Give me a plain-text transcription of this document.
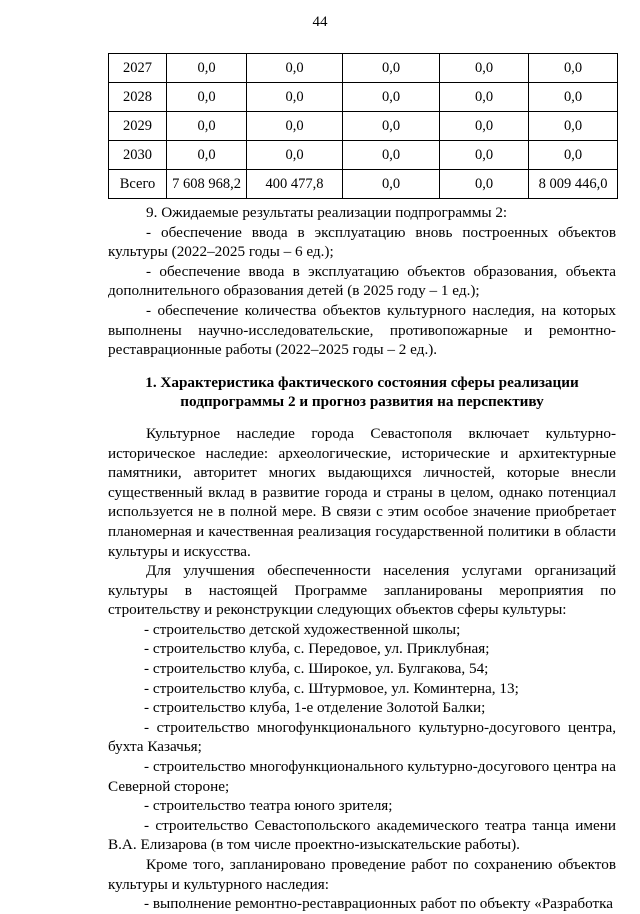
44
2027	0,0	0,0	0,0	0,0	0,0
2028	0,0	0,0	0,0	0,0	0,0
2029	0,0	0,0	0,0	0,0	0,0
2030	0,0	0,0	0,0	0,0	0,0
Всего	7 608 968,2	400 477,8	0,0	0,0	8 009 446,0

9. Ожидаемые результаты реализации подпрограммы 2:

- обеспечение ввода в эксплуатацию вновь построенных объектов культуры (2022–2025 годы – 6 ед.);

- обеспечение ввода в эксплуатацию объектов образования, объекта дополнительного образования детей (в 2025 году – 1 ед.);

- обеспечение количества объектов культурного наследия, на которых выполнены научно-исследовательские, противопожарные и ремонтно-реставрационные работы (2022–2025 годы – 2 ед.).

1. Характеристика фактического состояния сферы реализации
подпрограммы 2 и прогноз развития на перспективу

Культурное наследие города Севастополя включает культурно-историческое наследие: археологические, исторические и архитектурные памятники, авторитет многих выдающихся личностей, которые внесли существенный вклад в развитие города и страны в целом, однако потенциал используется не в полной мере. В связи с этим особое значение приобретает планомерная и качественная реализация государственной политики в области культуры и искусства.

Для улучшения обеспеченности населения услугами организаций культуры в настоящей Программе запланированы мероприятия по строительству и реконструкции следующих объектов сферы культуры:

- строительство детской художественной школы;

- строительство клуба, с. Передовое, ул. Приклубная;

- строительство клуба, с. Широкое, ул. Булгакова, 54;

- строительство клуба, с. Штурмовое, ул. Коминтерна, 13;

- строительство клуба, 1-е отделение Золотой Балки;

- строительство многофункционального культурно-досугового центра, бухта Казачья;

- строительство многофункционального культурно-досугового центра на Северной стороне;

- строительство театра юного зрителя;

- строительство Севастопольского академического театра танца имени В.А. Елизарова (в том числе проектно-изыскательские работы).

Кроме того, запланировано проведение работ по сохранению объектов культуры и культурного наследия:

- выполнение ремонтно-реставрационных работ по объекту «Разработка
